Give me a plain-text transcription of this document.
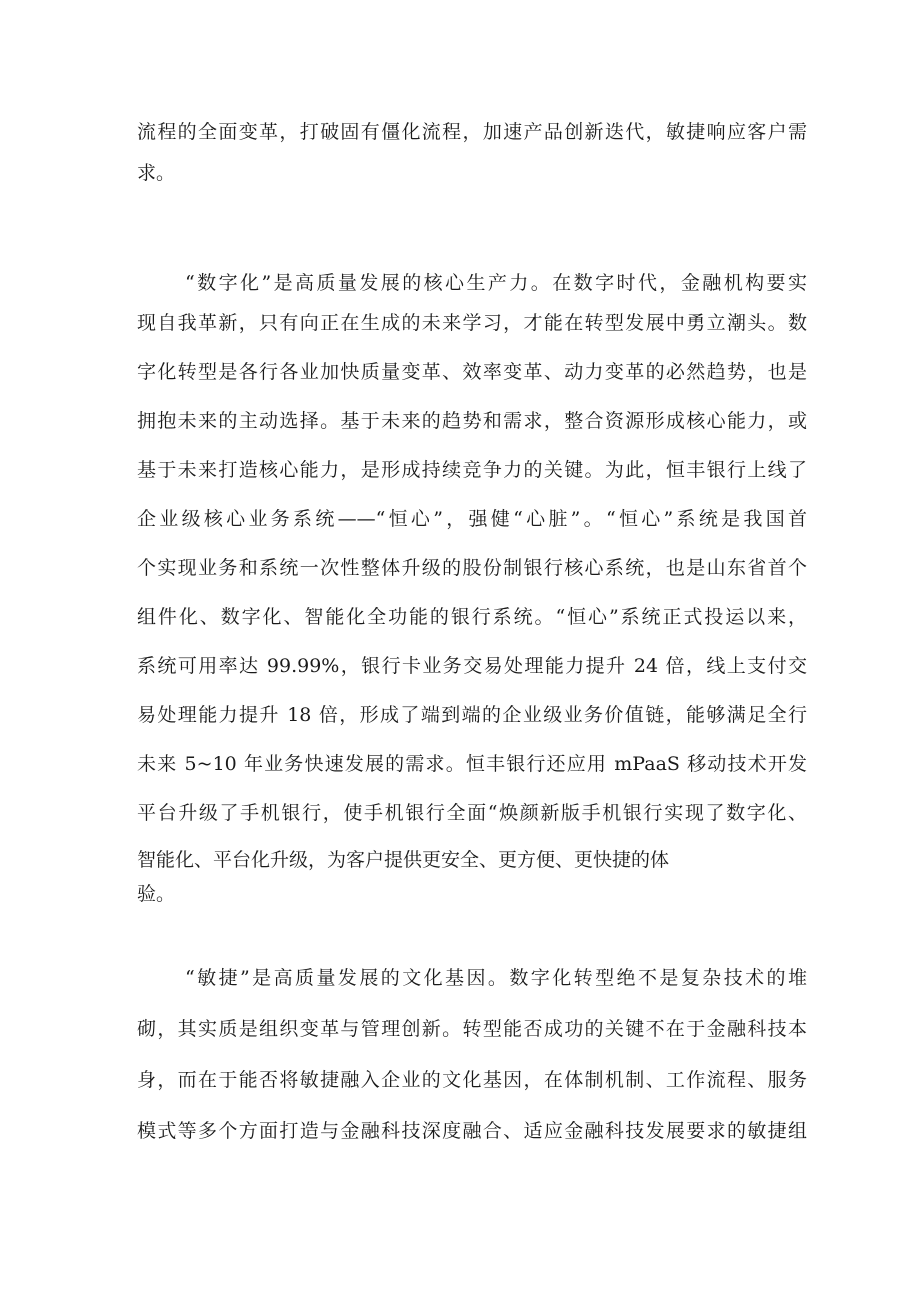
流程的全面变革，打破固有僵化流程，加速产品创新迭代，敏捷响应客户需
求。
“数字化”是高质量发展的核心生产力。在数字时代，金融机构要实
现自我革新，只有向正在生成的未来学习，才能在转型发展中勇立潮头。数
字化转型是各行各业加快质量变革、效率变革、动力变革的必然趋势，也是
拥抱未来的主动选择。基于未来的趋势和需求，整合资源形成核心能力，或
基于未来打造核心能力，是形成持续竞争力的关键。为此，恒丰银行上线了
企业级核心业务系统——“恒心”，强健“心脏”。“恒心”系统是我国首
个实现业务和系统一次性整体升级的股份制银行核心系统，也是山东省首个
组件化、数字化、智能化全功能的银行系统。“恒心”系统正式投运以来，
系统可用率达 99.99%，银行卡业务交易处理能力提升 24 倍，线上支付交
易处理能力提升 18 倍，形成了端到端的企业级业务价值链，能够满足全行
未来 5~10 年业务快速发展的需求。恒丰银行还应用 mPaaS 移动技术开发
平台升级了手机银行，使手机银行全面“焕颜新版手机银行实现了数字化、
智能化、平台化升级，为客户提供更安全、更方便、更快捷的体
验。
“敏捷”是高质量发展的文化基因。数字化转型绝不是复杂技术的堆
砌，其实质是组织变革与管理创新。转型能否成功的关键不在于金融科技本
身，而在于能否将敏捷融入企业的文化基因，在体制机制、工作流程、服务
模式等多个方面打造与金融科技深度融合、适应金融科技发展要求的敏捷组
